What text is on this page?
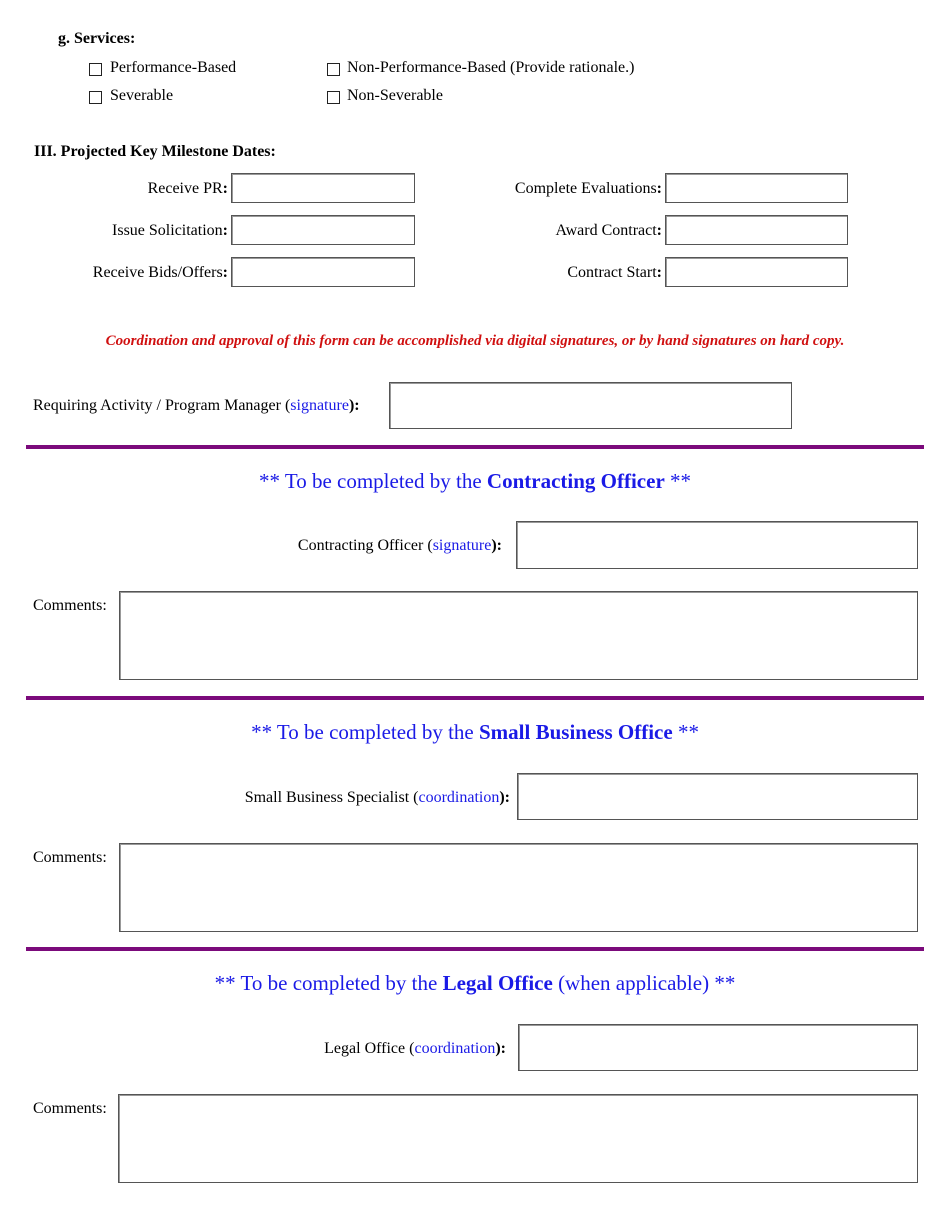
g. Services:
Performance-Based	Non-Performance-Based (Provide rationale.)
Severable	Non-Severable
III. Projected Key Milestone Dates:
Receive PR:
Issue Solicitation:
Receive Bids/Offers:
Complete Evaluations:
Award Contract:
Contract Start:
Coordination and approval of this form can be accomplished via digital signatures, or by hand signatures on hard copy.
Requiring Activity / Program Manager (signature):
** To be completed by the Contracting Officer **
Contracting Officer (signature):
Comments:
** To be completed by the Small Business Office **
Small Business Specialist (coordination):
Comments:
** To be completed by the Legal Office (when applicable) **
Legal Office (coordination):
Comments:
